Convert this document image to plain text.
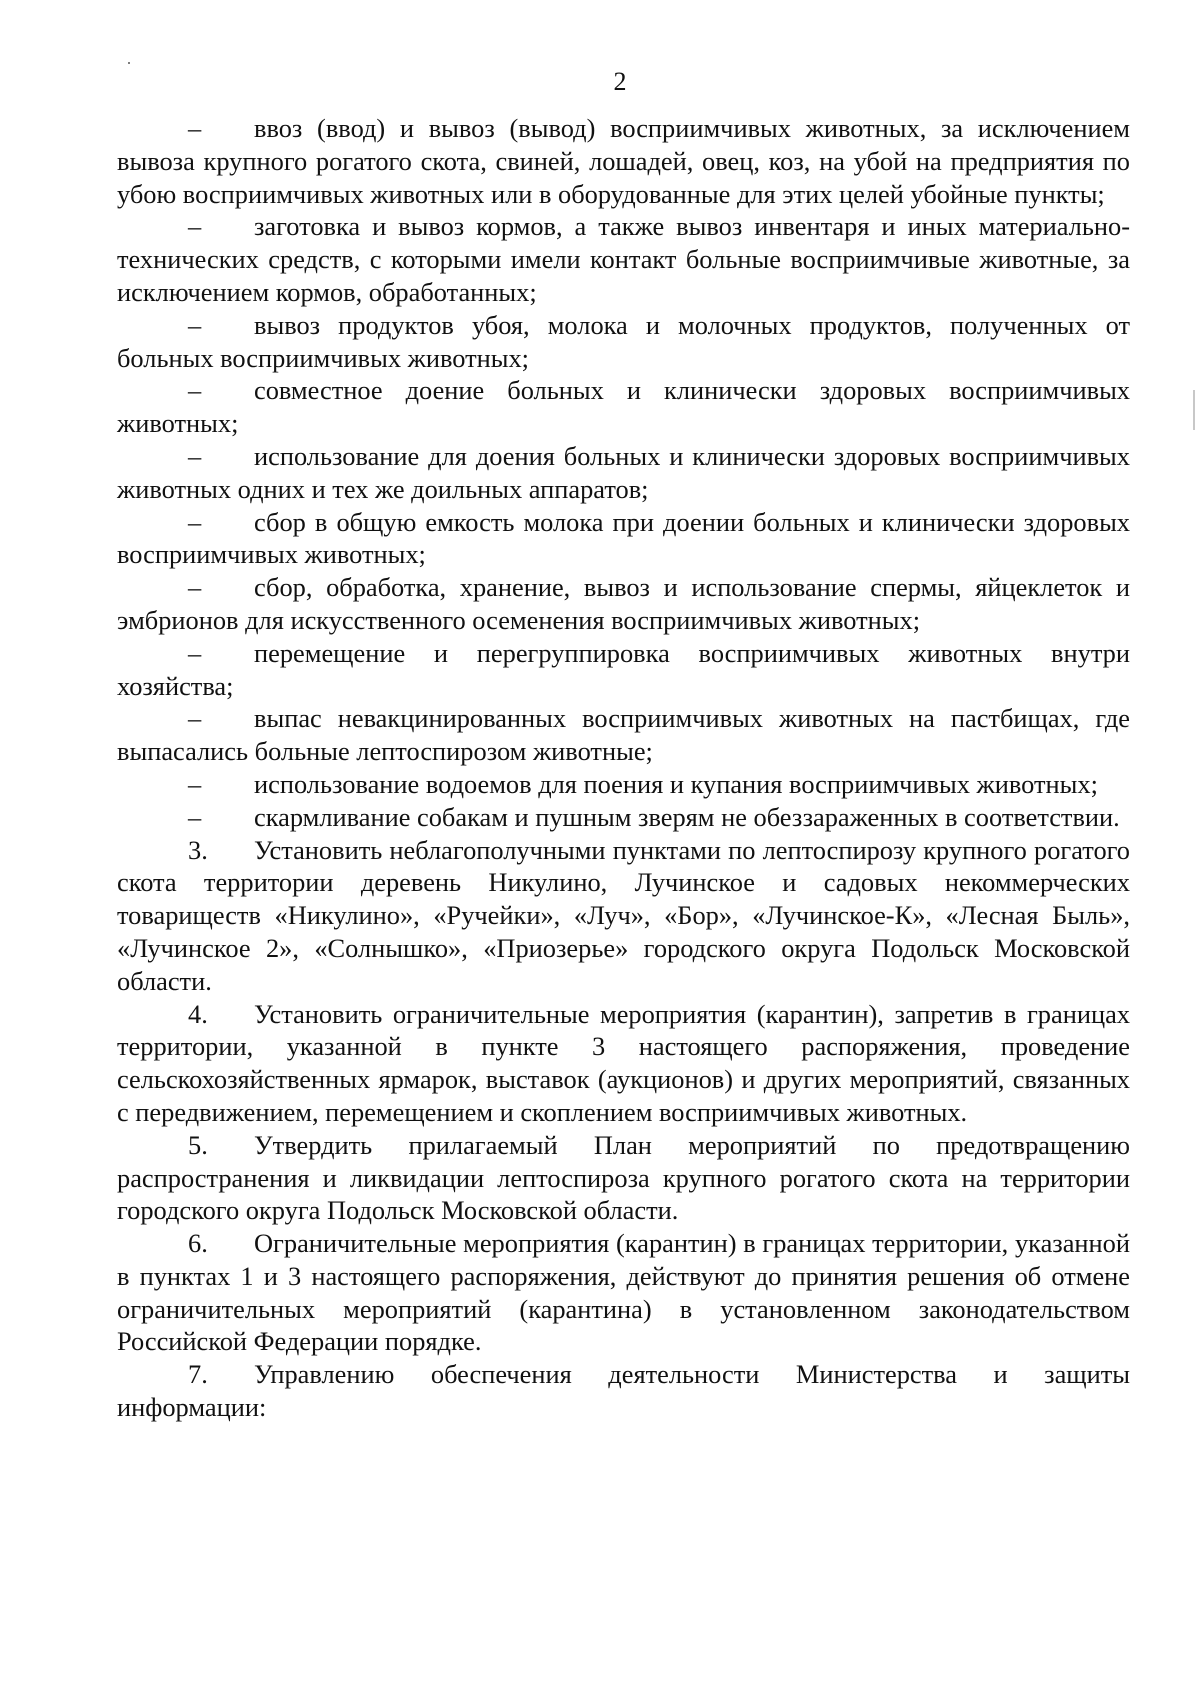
2

– ввоз (ввод) и вывоз (вывод) восприимчивых животных, за исключением вывоза крупного рогатого скота, свиней, лошадей, овец, коз, на убой на предприятия по убою восприимчивых животных или в оборудованные для этих целей убойные пункты;

– заготовка и вывоз кормов, а также вывоз инвентаря и иных материально-технических средств, с которыми имели контакт больные восприимчивые животные, за исключением кормов, обработанных;

– вывоз продуктов убоя, молока и молочных продуктов, полученных от больных восприимчивых животных;

– совместное доение больных и клинически здоровых восприимчивых животных;

– использование для доения больных и клинически здоровых восприимчивых животных одних и тех же доильных аппаратов;

– сбор в общую емкость молока при доении больных и клинически здоровых восприимчивых животных;

– сбор, обработка, хранение, вывоз и использование спермы, яйцеклеток и эмбрионов для искусственного осеменения восприимчивых животных;

– перемещение и перегруппировка восприимчивых животных внутри хозяйства;

– выпас невакцинированных восприимчивых животных на пастбищах, где выпасались больные лептоспирозом животные;

– использование водоемов для поения и купания восприимчивых животных;

– скармливание собакам и пушным зверям не обеззараженных в соответствии.

3. Установить неблагополучными пунктами по лептоспирозу крупного рогатого скота территории деревень Никулино, Лучинское и садовых некоммерческих товариществ «Никулино», «Ручейки», «Луч», «Бор», «Лучинское-К», «Лесная Быль», «Лучинское 2», «Солнышко», «Приозерье» городского округа Подольск Московской области.

4. Установить ограничительные мероприятия (карантин), запретив в границах территории, указанной в пункте 3 настоящего распоряжения, проведение сельскохозяйственных ярмарок, выставок (аукционов) и других мероприятий, связанных с передвижением, перемещением и скоплением восприимчивых животных.

5. Утвердить прилагаемый План мероприятий по предотвращению распространения и ликвидации лептоспироза крупного рогатого скота на территории городского округа Подольск Московской области.

6. Ограничительные мероприятия (карантин) в границах территории, указанной в пунктах 1 и 3 настоящего распоряжения, действуют до принятия решения об отмене ограничительных мероприятий (карантина) в установленном законодательством Российской Федерации порядке.

7. Управлению обеспечения деятельности Министерства и защиты информации:
